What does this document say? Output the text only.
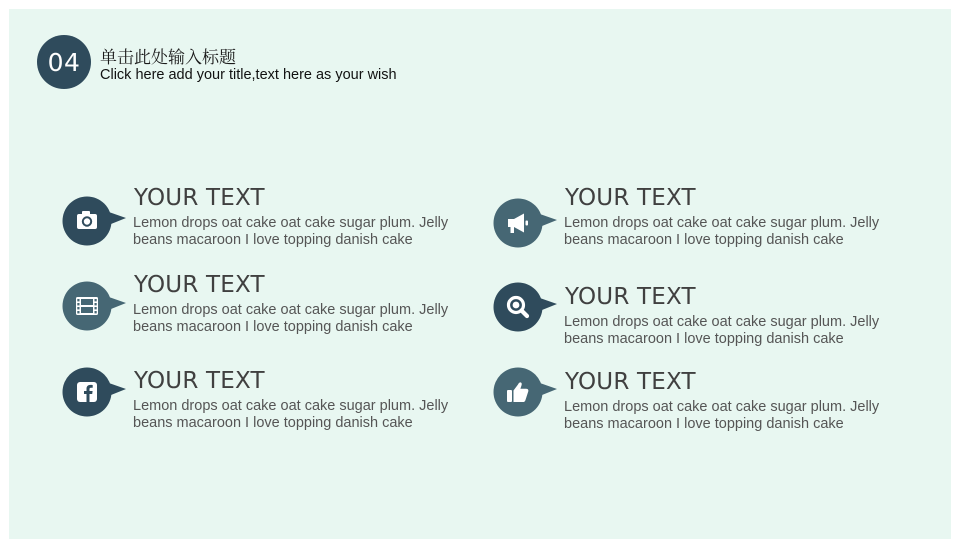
04 单击此处输入标题
Click here add your title,text here as your wish
YOUR TEXT
Lemon drops oat cake oat cake sugar plum. Jelly beans macaroon I love topping danish cake
YOUR TEXT
Lemon drops oat cake oat cake sugar plum. Jelly beans macaroon I love topping danish cake
YOUR TEXT
Lemon drops oat cake oat cake sugar plum. Jelly beans macaroon I love topping danish cake
YOUR TEXT
Lemon drops oat cake oat cake sugar plum. Jelly beans macaroon I love topping danish cake
YOUR TEXT
Lemon drops oat cake oat cake sugar plum. Jelly beans macaroon I love topping danish cake
YOUR TEXT
Lemon drops oat cake oat cake sugar plum. Jelly beans macaroon I love topping danish cake
